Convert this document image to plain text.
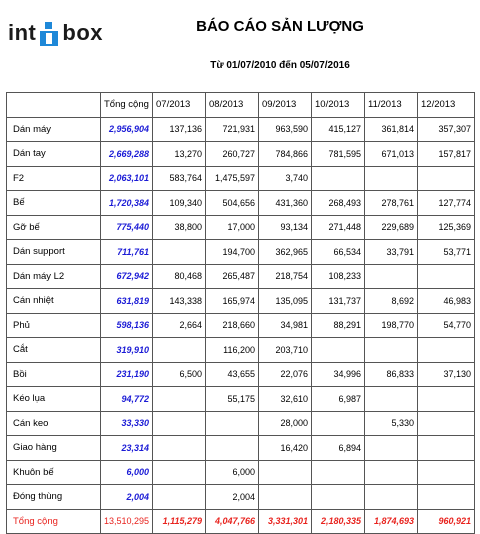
int box	BÁO CÁO SẢN LƯỢNG
Từ 01/07/2010 đến 05/07/2016
	Tổng cộng	07/2013	08/2013	09/2013	10/2013	11/2013	12/2013
Dán máy	2,956,904	137,136	721,931	963,590	415,127	361,814	357,307
Dán tay	2,669,288	13,270	260,727	784,866	781,595	671,013	157,817
F2	2,063,101	583,764	1,475,597	3,740			
Bế	1,720,384	109,340	504,656	431,360	268,493	278,761	127,774
Gỡ bế	775,440	38,800	17,000	93,134	271,448	229,689	125,369
Dán support	711,761		194,700	362,965	66,534	33,791	53,771
Dán máy L2	672,942	80,468	265,487	218,754	108,233		
Cán nhiệt	631,819	143,338	165,974	135,095	131,737	8,692	46,983
Phủ	598,136	2,664	218,660	34,981	88,291	198,770	54,770
Cắt	319,910		116,200	203,710			
Bồi	231,190	6,500	43,655	22,076	34,996	86,833	37,130
Kéo lụa	94,772		55,175	32,610	6,987		
Cán keo	33,330			28,000		5,330	
Giao hàng	23,314			16,420	6,894		
Khuôn bế	6,000		6,000				
Đóng thùng	2,004		2,004				
Tổng cộng	13,510,295	1,115,279	4,047,766	3,331,301	2,180,335	1,874,693	960,921
